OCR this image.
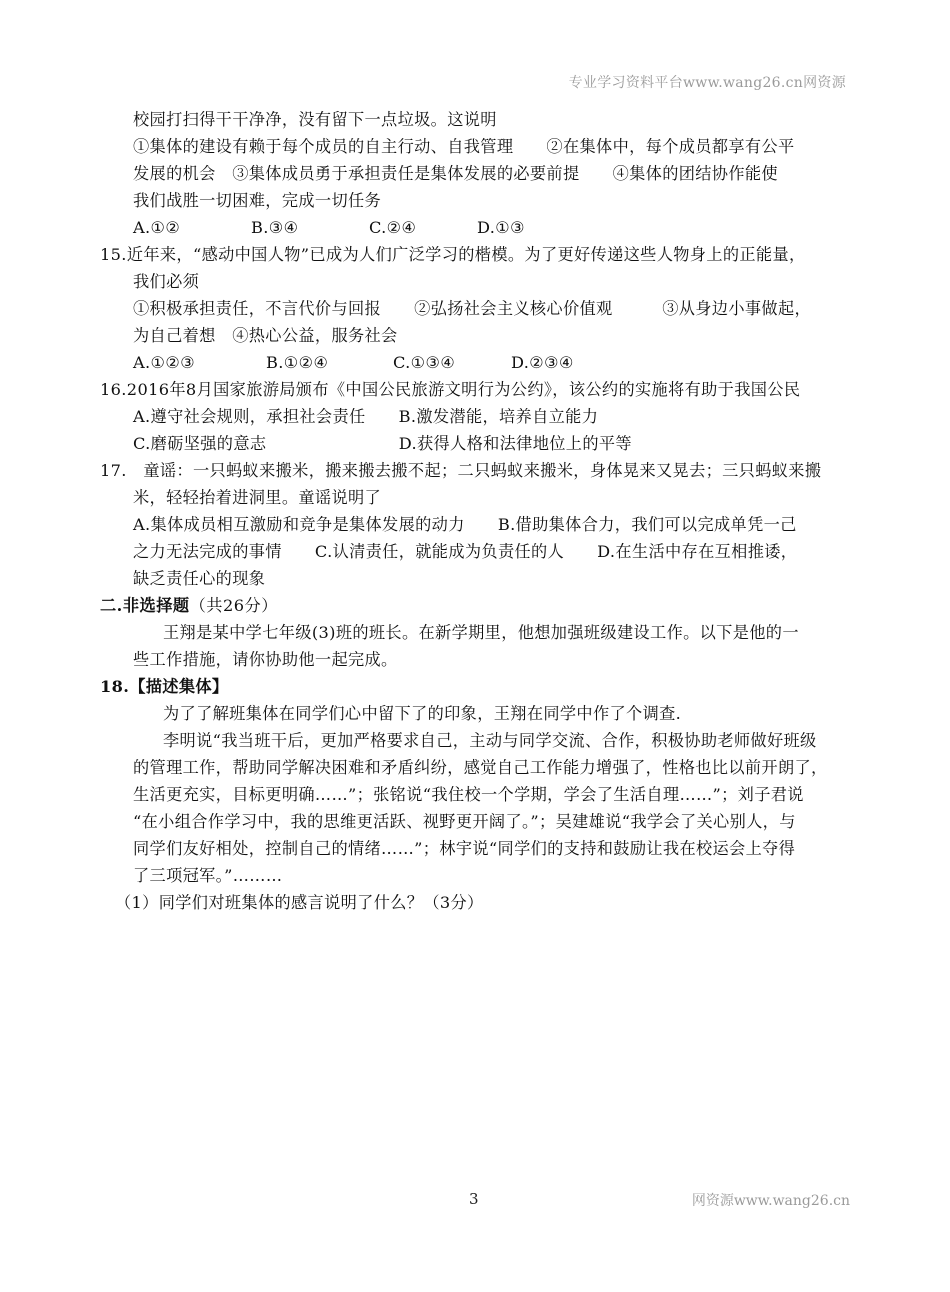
专业学习资料平台www.wang26.cn网资源
校园打扫得干干净净，没有留下一点垃圾。这说明
①集体的建设有赖于每个成员的自主行动、自我管理　　②在集体中，每个成员都享有公平
发展的机会　③集体成员勇于承担责任是集体发展的必要前提　　④集体的团结协作能使
我们战胜一切困难，完成一切任务
A.①②	B.③④	C.②④	D.①③
15.近年来，“感动中国人物”已成为人们广泛学习的楷模。为了更好传递这些人物身上的正能量，
我们必须
①积极承担责任，不言代价与回报　　②弘扬社会主义核心价值观　　　③从身边小事做起，
为自己着想　④热心公益，服务社会
A.①②③	B.①②④	C.①③④	D.②③④
16.2016年8月国家旅游局颁布《中国公民旅游文明行为公约》，该公约的实施将有助于我国公民
A.遵守社会规则，承担社会责任　　B.激发潜能，培养自立能力
C.磨砺坚强的意志　　　　　　　　D.获得人格和法律地位上的平等
17.　童谣：一只蚂蚁来搬米，搬来搬去搬不起；二只蚂蚁来搬米，身体晃来又晃去；三只蚂蚁来搬
米，轻轻抬着进洞里。童谣说明了
A.集体成员相互激励和竞争是集体发展的动力　　B.借助集体合力，我们可以完成单凭一己
之力无法完成的事情　　C.认清责任，就能成为负责任的人　　D.在生活中存在互相推诿，
缺乏责任心的现象
二.非选择题（共26分）
王翔是某中学七年级(3)班的班长。在新学期里，他想加强班级建设工作。以下是他的一
些工作措施，请你协助他一起完成。
18.【描述集体】
为了了解班集体在同学们心中留下了的印象，王翔在同学中作了个调查.
李明说“我当班干后，更加严格要求自己，主动与同学交流、合作，积极协助老师做好班级
的管理工作，帮助同学解决困难和矛盾纠纷，感觉自己工作能力增强了，性格也比以前开朗了，
生活更充实，目标更明确……”；张铭说“我住校一个学期，学会了生活自理……”；刘子君说
“在小组合作学习中，我的思维更活跃、视野更开阔了。”；吴建雄说“我学会了关心别人，与
同学们友好相处，控制自己的情绪……”；林宇说“同学们的支持和鼓励让我在校运会上夺得
了三项冠军。”………
（1）同学们对班集体的感言说明了什么？（3分）
3	网资源www.wang26.cn
